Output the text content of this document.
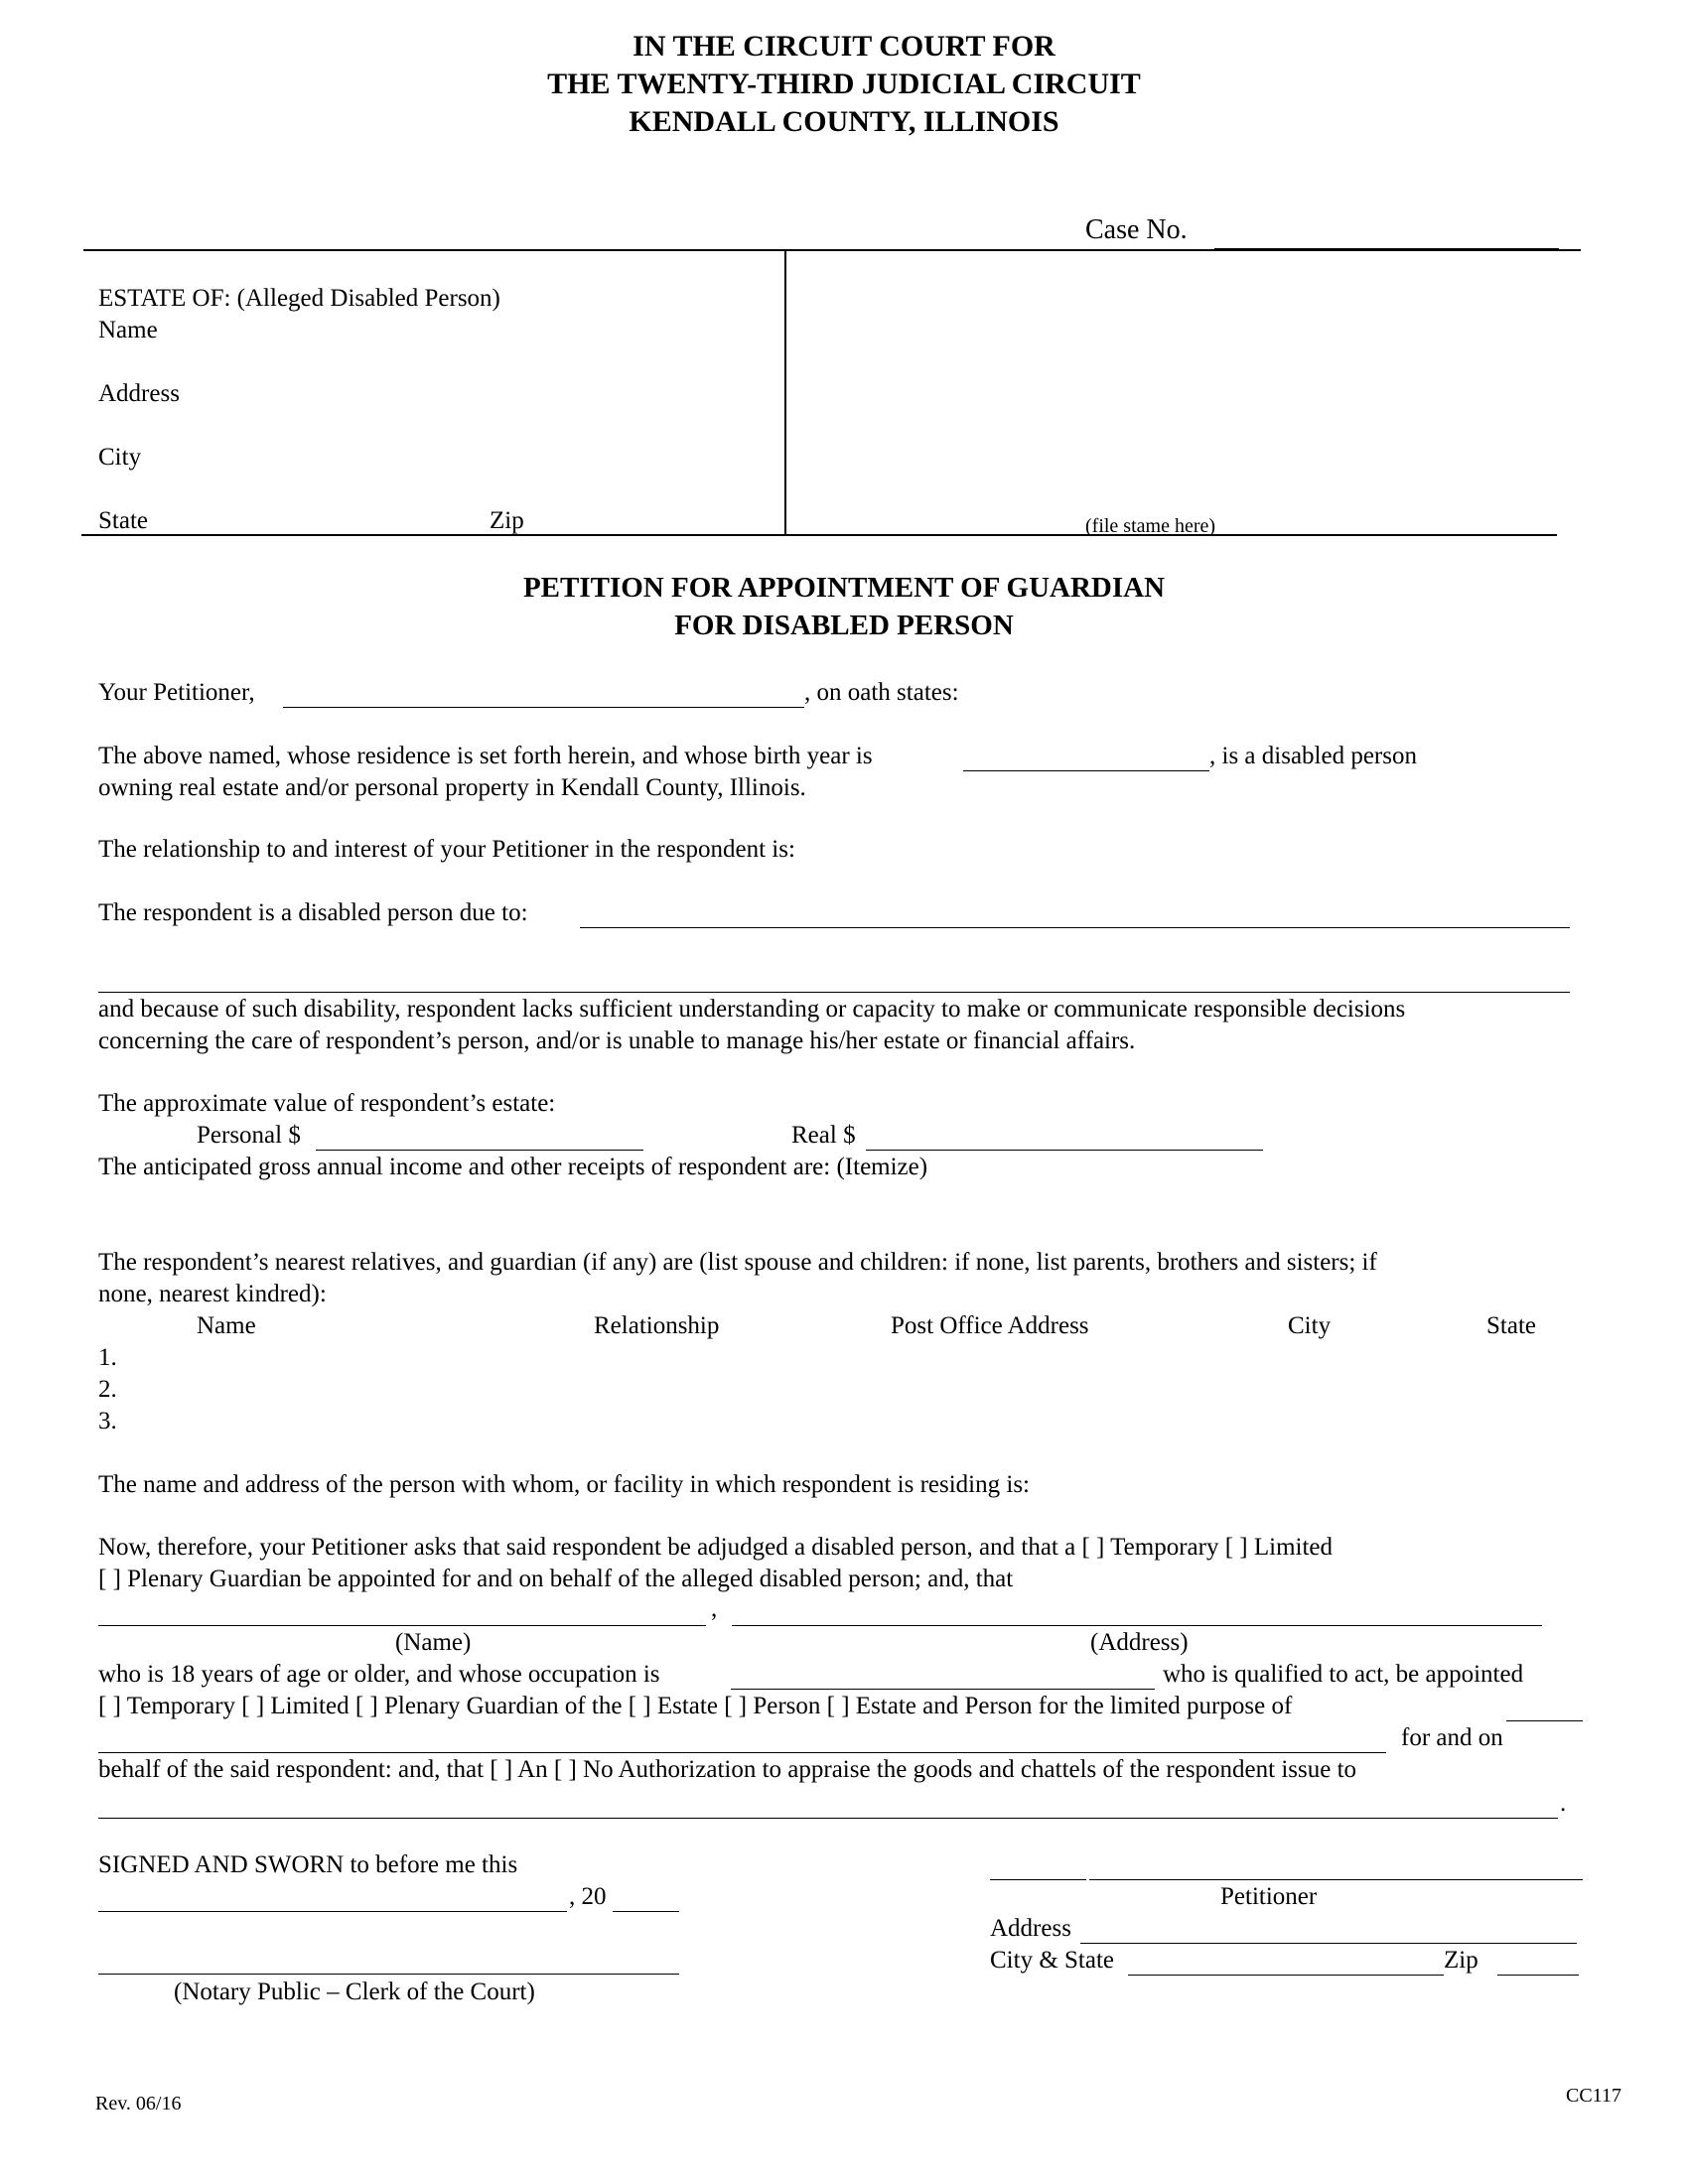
IN THE CIRCUIT COURT FOR
THE TWENTY-THIRD JUDICIAL CIRCUIT
KENDALL COUNTY, ILLINOIS
Case No.
ESTATE OF: (Alleged Disabled Person)
Name
Address
City
State	Zip	(file stame here)
PETITION FOR APPOINTMENT OF GUARDIAN
FOR DISABLED PERSON
Your Petitioner,	, on oath states:
The above named, whose residence is set forth herein, and whose birth year is	, is a disabled person
owning real estate and/or personal property in Kendall County, Illinois.
The relationship to and interest of your Petitioner in the respondent is:
The respondent is a disabled person due to:
and because of such disability, respondent lacks sufficient understanding or capacity to make or communicate responsible decisions
concerning the care of respondent’s person, and/or is unable to manage his/her estate or financial affairs.
The approximate value of respondent’s estate:
Personal $	Real $
The anticipated gross annual income and other receipts of respondent are: (Itemize)
The respondent’s nearest relatives, and guardian (if any) are (list spouse and children: if none, list parents, brothers and sisters; if
none, nearest kindred):
Name	Relationship	Post Office Address	City	State
1.
2.
3.
The name and address of the person with whom, or facility in which respondent is residing is:
Now, therefore, your Petitioner asks that said respondent be adjudged a disabled person, and that a [ ] Temporary [ ] Limited
[ ] Plenary Guardian be appointed for and on behalf of the alleged disabled person; and, that
,
(Name)	(Address)
who is 18 years of age or older, and whose occupation is	who is qualified to act, be appointed
[ ] Temporary [ ] Limited [ ] Plenary Guardian of the [ ] Estate [ ] Person [ ] Estate and Person for the limited purpose of
for and on
behalf of the said respondent: and, that [ ] An [ ] No Authorization to appraise the goods and chattels of the respondent issue to
.
SIGNED AND SWORN to before me this
, 20
(Notary Public – Clerk of the Court)
Petitioner
Address
City & State	Zip
Rev. 06/16	CC117
